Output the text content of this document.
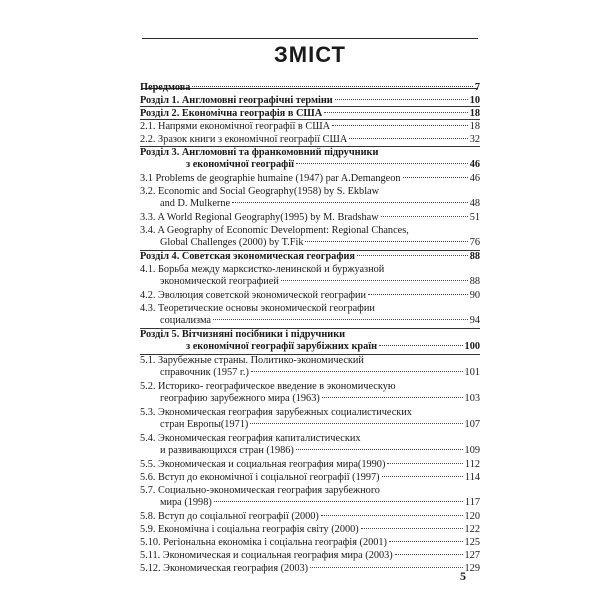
ЗМІСТ
Передмова	7
Розділ 1. Англомовні географічні терміни	10
Розділ 2. Економічна географія в США	18
2.1. Напрями економічної географії в США	18
2.2. Зразок книги з економічної географії США	32
Розділ 3. Англомовні та франкомовний підручники
з економічної географії	46
3.1 Problems de geographie humaine (1947) par A.Demangeon	46
3.2. Economic and Social Geography(1958) by S. Ekblaw
and D. Mulkerne	48
3.3. A World Regional Geography(1995) by M. Bradshaw	51
3.4. A Geography of Economic Development: Regional Chances,
Global Challenges (2000) by T.Fik	76
Розділ 4. Советская экономическая география	88
4.1. Борьба между марксистко-ленинской и буржуазной
экономической географией	88
4.2. Эволюция советской экономической географии	90
4.3. Теоретические основы экономической географии
социализма	94
Розділ 5. Вітчизняні посібники і підручники
з економічної географії зарубіжних країн	100
5.1. Зарубежные страны. Политико-экономический
справочник (1957 г.)	101
5.2. Историко- географическое введение в экономическую
географию зарубежного мира (1963)	103
5.3. Экономическая география зарубежных социалистических
стран Европы(1971)	107
5.4. Экономическая география капиталистических
и развивающихся стран (1986)	109
5.5. Экономическая и социальная география мира(1990)	112
5.6. Вступ до економічної і соціальної географії (1997)	114
5.7. Социально-экономическая география зарубежного
мира (1998)	117
5.8. Вступ до соціальної географії (2000)	120
5.9. Економічна і соціальна географія світу (2000)	122
5.10. Регіональна економіка і соціальна географія (2001)	125
5.11. Экономическая и социальная география мира (2003)	127
5.12. Экономическая география (2003)	129
5
